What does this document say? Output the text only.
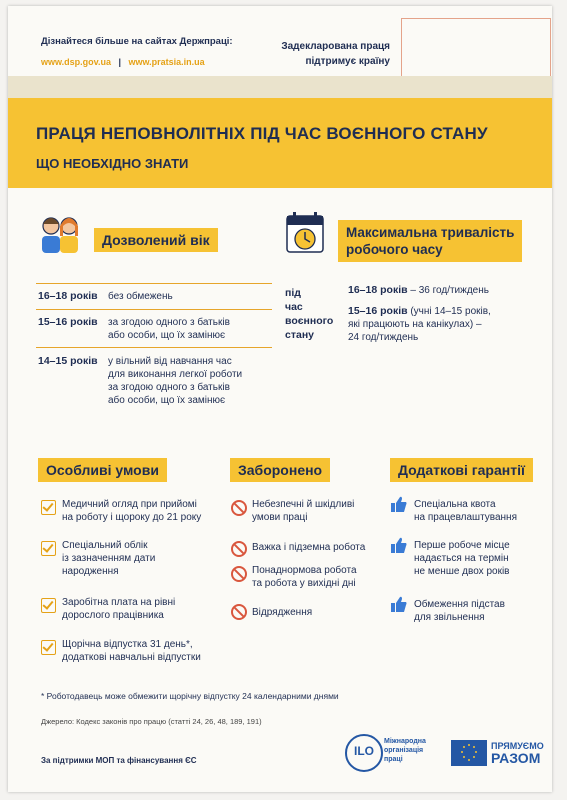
Дізнайтеся більше на сайтах Держпраці:
www.dsp.gov.ua | www.pratsia.in.ua
Задекларована праця
підтримує країну
ПРАЦЯ НЕПОВНОЛІТНІХ ПІД ЧАС ВОЄННОГО СТАНУ
ЩО НЕОБХІДНО ЗНАТИ
Дозволений вік
16–18 років без обмежень
15–16 років за згодою одного з батьків
або особи, що їх замінює
14–15 років у вільний від навчання час
для виконання легкої роботи
за згодою одного з батьків
або особи, що їх замінює
Максимальна тривалість
робочого часу
під
час
воєнного
стану
16–18 років – 36 год/тиждень
15–16 років (учні 14–15 років,
які працюють на канікулах) –
24 год/тиждень
Особливі умови	Заборонено	Додаткові гарантії
Медичний огляд при прийомі
на роботу і щороку до 21 року
Спеціальний облік
із зазначенням дати
народження
Заробітна плата на рівні
дорослого працівника
Щорічна відпустка 31 день*,
додаткові навчальні відпустки
Небезпечні й шкідливі
умови праці
Важка і підземна робота
Понаднормова робота
та робота у вихідні дні
Відрядження
Спеціальна квота
на працевлаштування
Перше робоче місце
надається на термін
не менше двох років
Обмеження підстав
для звільнення
* Роботодавець може обмежити щорічну відпустку 24 календарними днями
Джерело: Кодекс законів про працю (статті 24, 26, 48, 189, 191)
За підтримки МОП та фінансування ЄС
ILO
Міжнародна
організація
праці
ПРЯМУЄМО
РАЗОМ
